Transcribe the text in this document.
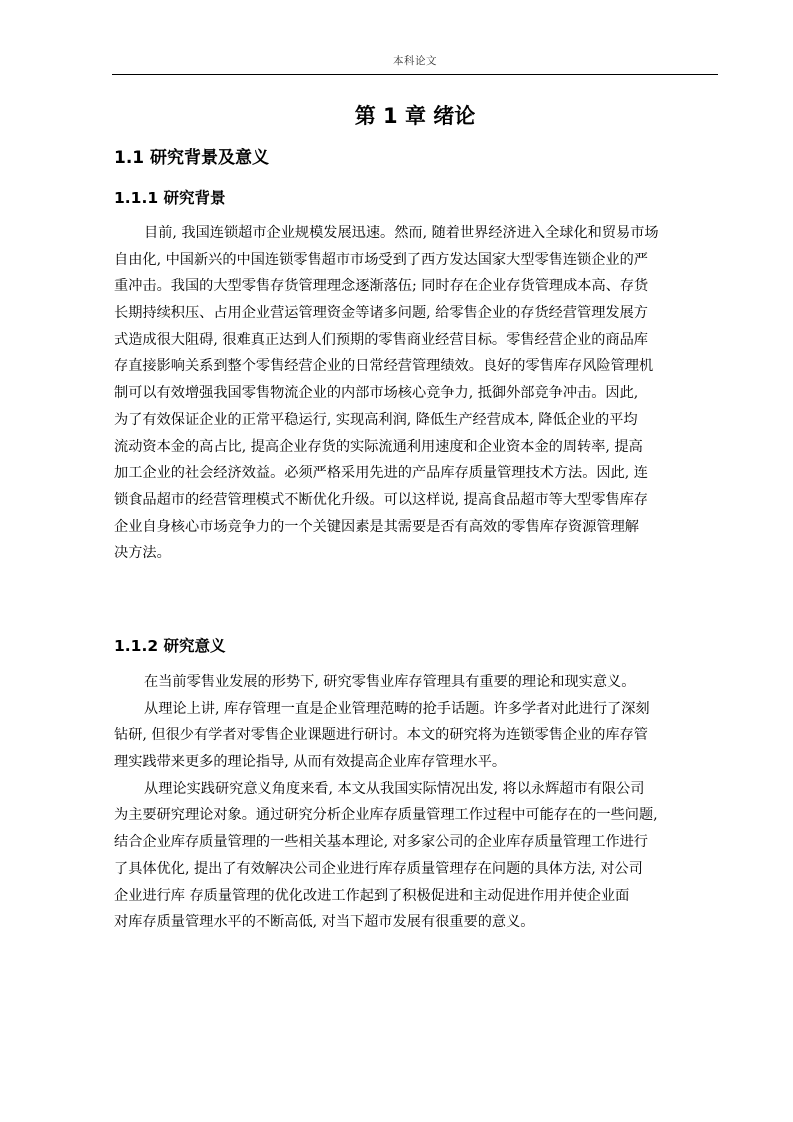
本科论文
第 1 章 绪论
1.1 研究背景及意义
1.1.1 研究背景
目前, 我国连锁超市企业规模发展迅速。然而, 随着世界经济进入全球化和贸易市场
自由化, 中国新兴的中国连锁零售超市市场受到了西方发达国家大型零售连锁企业的严
重冲击。我国的大型零售存货管理理念逐渐落伍; 同时存在企业存货管理成本高、存货
长期持续积压、占用企业营运管理资金等诸多问题, 给零售企业的存货经营管理发展方
式造成很大阻碍, 很难真正达到人们预期的零售商业经营目标。零售经营企业的商品库
存直接影响关系到整个零售经营企业的日常经营管理绩效。良好的零售库存风险管理机
制可以有效增强我国零售物流企业的内部市场核心竞争力, 抵御外部竞争冲击。因此,
为了有效保证企业的正常平稳运行, 实现高利润, 降低生产经营成本, 降低企业的平均
流动资本金的高占比, 提高企业存货的实际流通利用速度和企业资本金的周转率, 提高
加工企业的社会经济效益。必须严格采用先进的产品库存质量管理技术方法。因此, 连
锁食品超市的经营管理模式不断优化升级。可以这样说, 提高食品超市等大型零售库存
企业自身核心市场竞争力的一个关键因素是其需要是否有高效的零售库存资源管理解
决方法。
1.1.2 研究意义
在当前零售业发展的形势下, 研究零售业库存管理具有重要的理论和现实意义。
从理论上讲, 库存管理一直是企业管理范畴的抢手话题。许多学者对此进行了深刻
钻研, 但很少有学者对零售企业课题进行研讨。本文的研究将为连锁零售企业的库存管
理实践带来更多的理论指导, 从而有效提高企业库存管理水平。
从理论实践研究意义角度来看, 本文从我国实际情况出发, 将以永辉超市有限公司
为主要研究理论对象。通过研究分析企业库存质量管理工作过程中可能存在的一些问题,
结合企业库存质量管理的一些相关基本理论, 对多家公司的企业库存质量管理工作进行
了具体优化, 提出了有效解决公司企业进行库存质量管理存在问题的具体方法, 对公司
企业进行库 存质量管理的优化改进工作起到了积极促进和主动促进作用并使企业面
对库存质量管理水平的不断高低, 对当下超市发展有很重要的意义。
